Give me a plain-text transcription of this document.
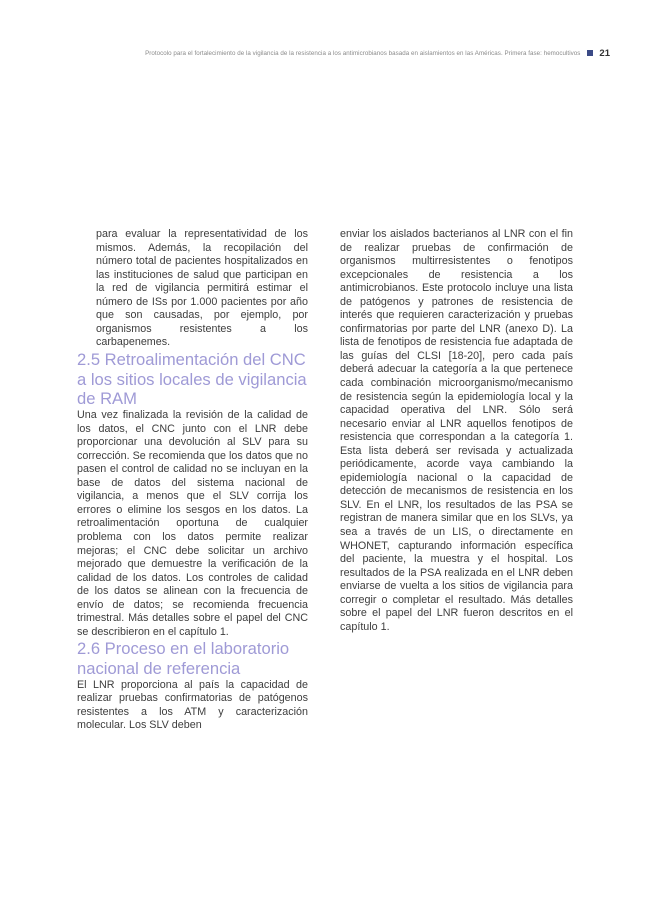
Protocolo para el fortalecimiento de la vigilancia de la resistencia a los antimicrobianos basada en aislamientos en las Américas. Primera fase: hemocultivos 21

para evaluar la representatividad de los mismos. Además, la recopilación del número total de pacientes hospitalizados en las instituciones de salud que participan en la red de vigilancia permitirá estimar el número de ISs por 1.000 pacientes por año que son causadas, por ejemplo, por organismos resistentes a los carbapenemes.

2.5 Retroalimentación del CNC a los sitios locales de vigilancia de RAM

Una vez finalizada la revisión de la calidad de los datos, el CNC junto con el LNR debe proporcionar una devolución al SLV para su corrección. Se recomienda que los datos que no pasen el control de calidad no se incluyan en la base de datos del sistema nacional de vigilancia, a menos que el SLV corrija los errores o elimine los sesgos en los datos. La retroalimentación oportuna de cualquier problema con los datos permite realizar mejoras; el CNC debe solicitar un archivo mejorado que demuestre la verificación de la calidad de los datos. Los controles de calidad de los datos se alinean con la frecuencia de envío de datos; se recomienda frecuencia trimestral. Más detalles sobre el papel del CNC se describieron en el capítulo 1.

2.6 Proceso en el laboratorio nacional de referencia

El LNR proporciona al país la capacidad de realizar pruebas confirmatorias de patógenos resistentes a los ATM y caracterización molecular. Los SLV deben

enviar los aislados bacterianos al LNR con el fin de realizar pruebas de confirmación de organismos multirresistentes o fenotipos excepcionales de resistencia a los antimicrobianos. Este protocolo incluye una lista de patógenos y patrones de resistencia de interés que requieren caracterización y pruebas confirmatorias por parte del LNR (anexo D). La lista de fenotipos de resistencia fue adaptada de las guías del CLSI [18-20], pero cada país deberá adecuar la categoría a la que pertenece cada combinación microorganismo/mecanismo de resistencia según la epidemiología local y la capacidad operativa del LNR. Sólo será necesario enviar al LNR aquellos fenotipos de resistencia que correspondan a la categoría 1. Esta lista deberá ser revisada y actualizada periódicamente, acorde vaya cambiando la epidemiología nacional o la capacidad de detección de mecanismos de resistencia en los SLV. En el LNR, los resultados de las PSA se registran de manera similar que en los SLVs, ya sea a través de un LIS, o directamente en WHONET, capturando información específica del paciente, la muestra y el hospital. Los resultados de la PSA realizada en el LNR deben enviarse de vuelta a los sitios de vigilancia para corregir o completar el resultado. Más detalles sobre el papel del LNR fueron descritos en el capítulo 1.
